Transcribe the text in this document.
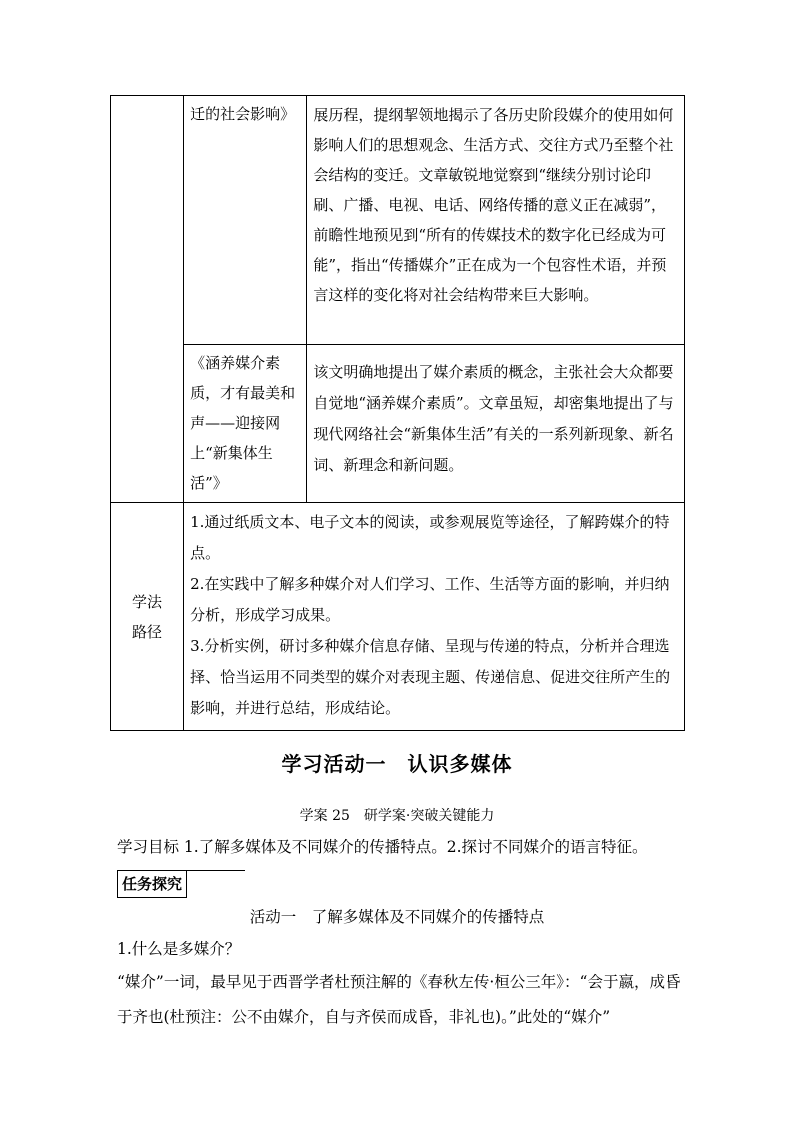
	迁的社会影响》	展历程，提纲挈领地揭示了各历史阶段媒介的使用如何影响人们的思想观念、生活方式、交往方式乃至整个社会结构的变迁。文章敏锐地觉察到“继续分别讨论印刷、广播、电视、电话、网络传播的意义正在减弱”，前瞻性地预见到“所有的传媒技术的数字化已经成为可能”，指出“传播媒介”正在成为一个包容性术语，并预言这样的变化将对社会结构带来巨大影响。

	《涵养媒介素质，才有最美和声——迎接网上“新集体生活”》	该文明确地提出了媒介素质的概念，主张社会大众都要自觉地“涵养媒介素质”。文章虽短，却密集地提出了与现代网络社会“新集体生活”有关的一系列新现象、新名词、新理念和新问题。

学法
路径	1.通过纸质文本、电子文本的阅读，或参观展览等途径，了解跨媒介的特点。
2.在实践中了解多种媒介对人们学习、工作、生活等方面的影响，并归纳分析，形成学习成果。
3.分析实例，研讨多种媒介信息存储、呈现与传递的特点，分析并合理选择、恰当运用不同类型的媒介对表现主题、传递信息、促进交往所产生的影响，并进行总结，形成结论。	
学习活动一　认识多媒体
学案 25　研学案·突破关键能力
学习目标 1.了解多媒体及不同媒介的传播特点。2.探讨不同媒介的语言特征。
任务探究
活动一　了解多媒体及不同媒介的传播特点
1.什么是多媒介？
“媒介”一词，最早见于西晋学者杜预注解的《春秋左传·桓公三年》：“会于嬴，成昏于齐也(杜预注：公不由媒介，自与齐侯而成昏，非礼也)。”此处的“媒介”
